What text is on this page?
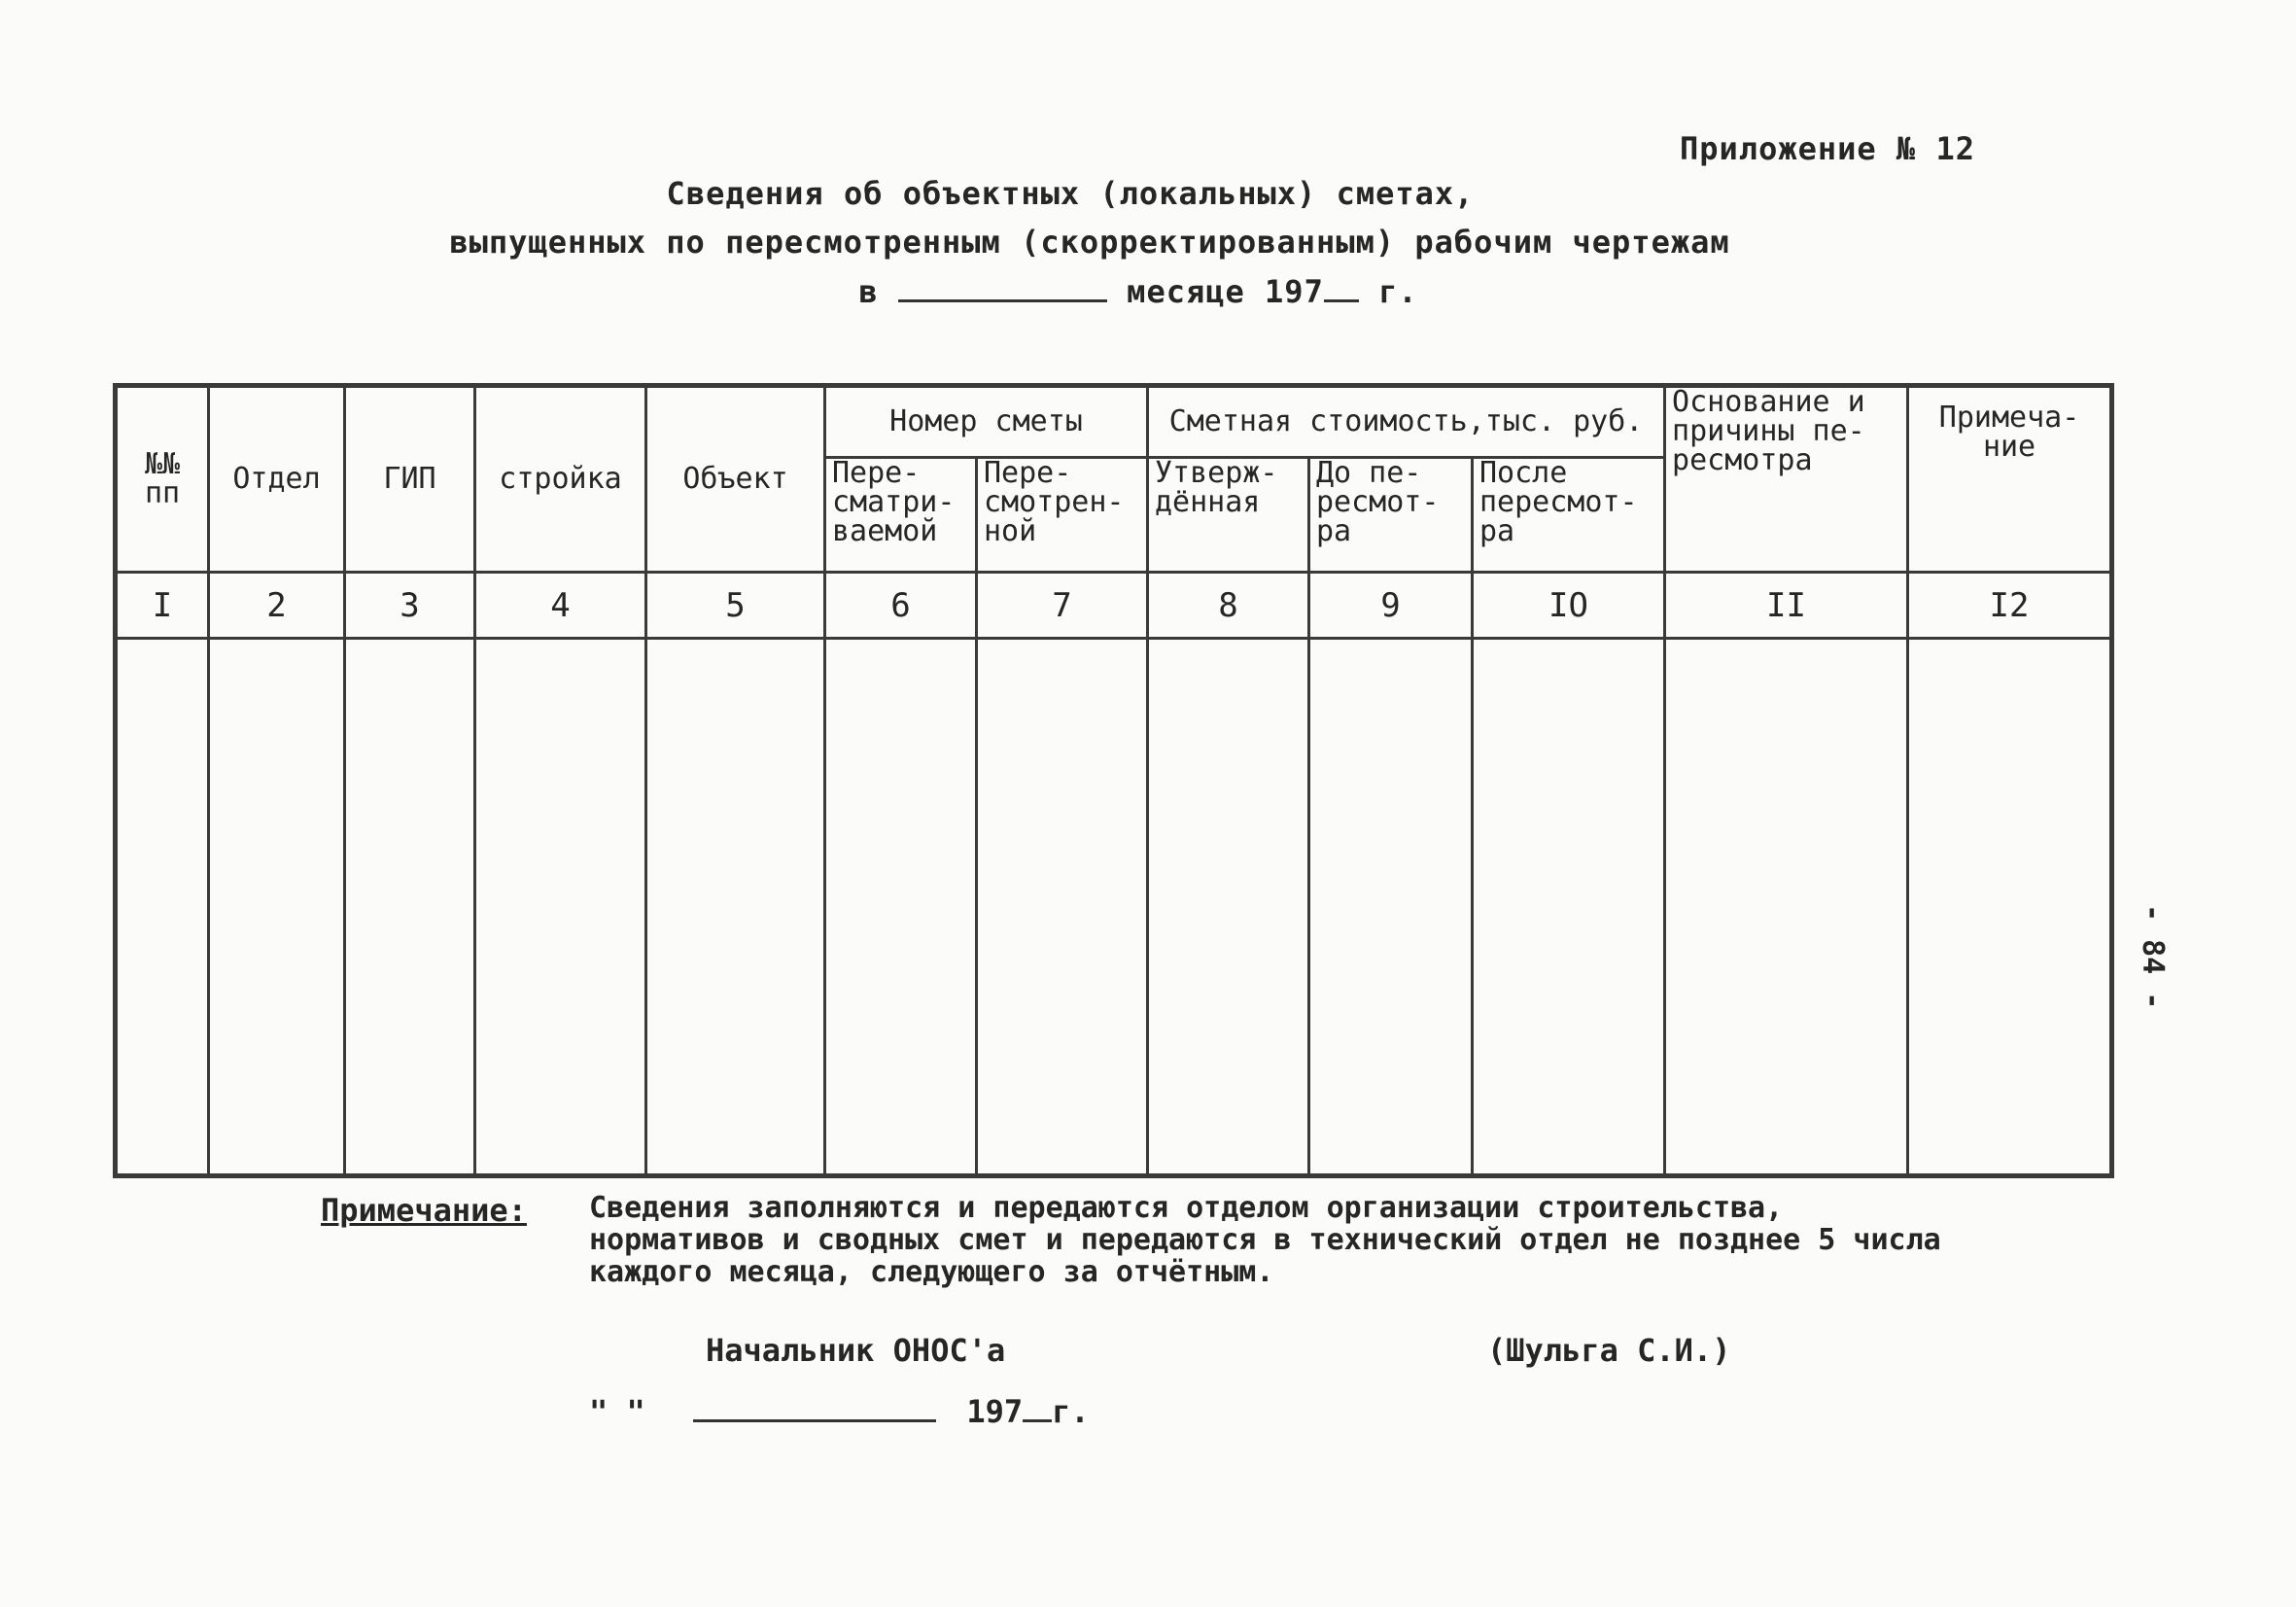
Приложение № 12
Сведения об объектных (локальных) сметах,
выпущенных по пересмотренным (скорректированным) рабочим чертежам
в	месяце 197 г.
№№ пп	Отдел	ГИП	стройка	Объект	Номер сметы		Сметная стоимость,тыс. руб.			Основание и причины пе-ресмотра	Примеча-ние
					Пере-сматри-ваемой	Пере-смотрен-ной	Утверж-дённая	До пе-ресмот-ра	После пересмот-ра		
I	2	3	4	5	6	7	8	9	IO	II	I2

Примечание: Сведения заполняются и передаются отделом организации строительства, нормативов и сводных смет и передаются в технический отдел не позднее 5 числа каждого месяца, следующего за отчётным.
Начальник ОНОС'а	(Шульга С.И.)
" "	197 г.
- 84 -
